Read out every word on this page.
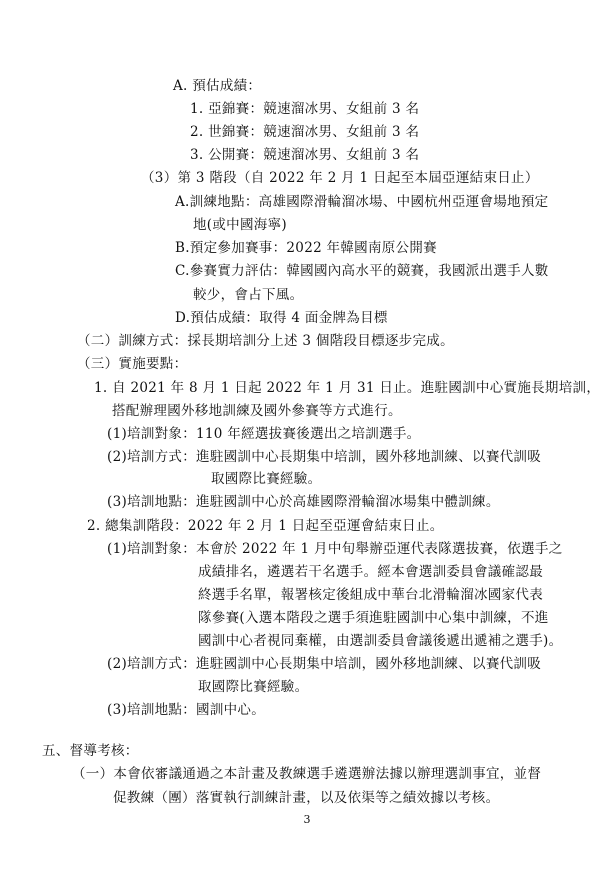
A. 預估成績：
1. 亞錦賽：競速溜冰男、女組前 3 名
2. 世錦賽：競速溜冰男、女組前 3 名
3. 公開賽：競速溜冰男、女組前 3 名
（3）第 3 階段（自 2022 年 2 月 1 日起至本屆亞運結束日止）
A.訓練地點：高雄國際滑輪溜冰場、中國杭州亞運會場地預定
地(或中國海寧)
B.預定參加賽事：2022 年韓國南原公開賽
C.參賽實力評估：韓國國內高水平的競賽，我國派出選手人數
較少，會占下風。
D.預估成績：取得 4 面金牌為目標
（二）訓練方式：採長期培訓分上述 3 個階段目標逐步完成。
（三）實施要點：
1. 自 2021 年 8 月 1 日起 2022 年 1 月 31 日止。進駐國訓中心實施長期培訓，
搭配辦理國外移地訓練及國外參賽等方式進行。
(1)培訓對象：110 年經選拔賽後選出之培訓選手。
(2)培訓方式：進駐國訓中心長期集中培訓，國外移地訓練、以賽代訓吸
取國際比賽經驗。
(3)培訓地點：進駐國訓中心於高雄國際滑輪溜冰場集中體訓練。
2. 總集訓階段：2022 年 2 月 1 日起至亞運會結束日止。
(1)培訓對象：本會於 2022 年 1 月中旬舉辦亞運代表隊選拔賽，依選手之
成績排名，遴選若干名選手。經本會選訓委員會議確認最
終選手名單，報署核定後組成中華台北滑輪溜冰國家代表
隊參賽(入選本階段之選手須進駐國訓中心集中訓練，不進
國訓中心者視同棄權，由選訓委員會議後遞出遞補之選手)。
(2)培訓方式：進駐國訓中心長期集中培訓，國外移地訓練、以賽代訓吸
取國際比賽經驗。
(3)培訓地點：國訓中心。
五、督導考核：
（一）本會依審議通過之本計畫及教練選手遴選辦法據以辦理選訓事宜，並督
促教練（團）落實執行訓練計畫，以及依渠等之績效據以考核。
3
